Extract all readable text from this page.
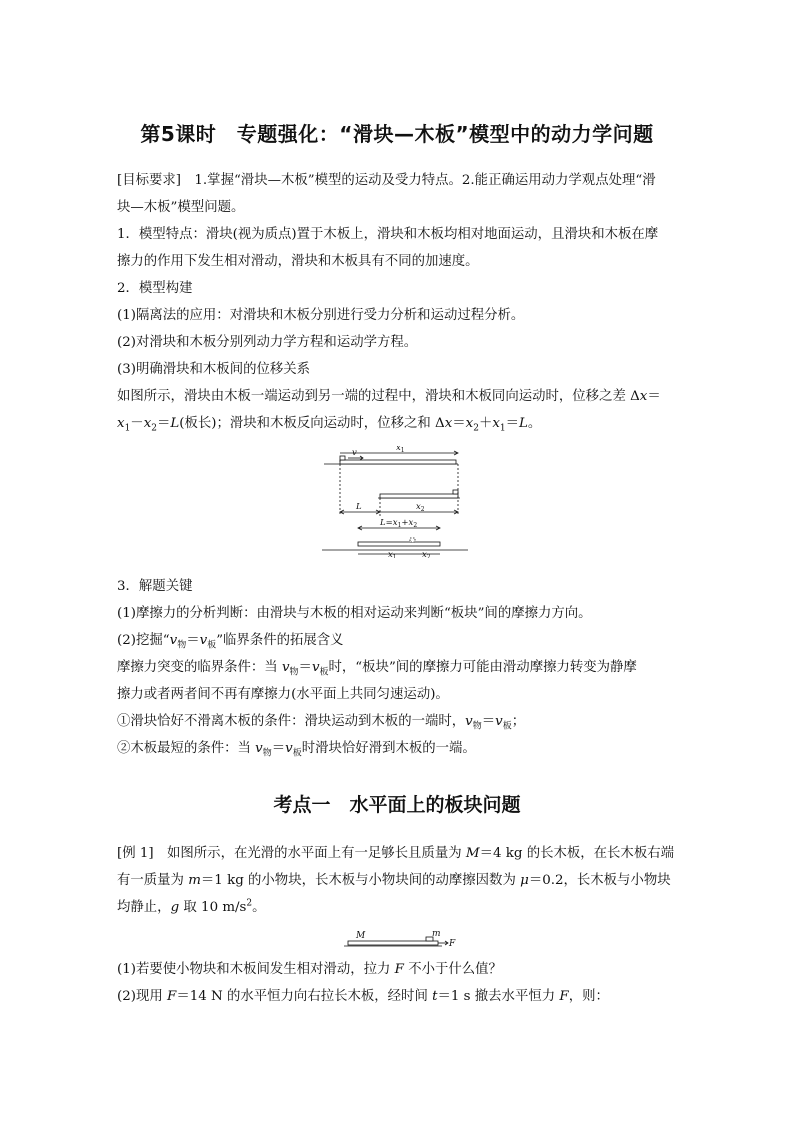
第5课时　专题强化：“滑块—木板”模型中的动力学问题
[目标要求]　1.掌握“滑块—木板”模型的运动及受力特点。2.能正确运用动力学观点处理“滑
块—木板”模型问题。
1．模型特点：滑块(视为质点)置于木板上，滑块和木板均相对地面运动，且滑块和木板在摩
擦力的作用下发生相对滑动，滑块和木板具有不同的加速度。
2．模型构建
(1)隔离法的应用：对滑块和木板分别进行受力分析和运动过程分析。
(2)对滑块和木板分别列动力学方程和运动学方程。
(3)明确滑块和木板间的位移关系
如图所示，滑块由木板一端运动到另一端的过程中，滑块和木板同向运动时，位移之差 Δx＝
$x_1-x_2=L$(板长)；滑块和木板反向运动时，位移之和 $\Delta x=x_2+x_1=L$。
v	$x_1$
L	$x_2$
$L=x_1+x_2$
$x_1$	$x_2$
3．解题关键
(1)摩擦力的分析判断：由滑块与木板的相对运动来判断“板块”间的摩擦力方向。
(2)挖掘“$v_物=v_板$”临界条件的拓展含义
摩擦力突变的临界条件：当 $v_物=v_板$时，“板块”间的摩擦力可能由滑动摩擦力转变为静摩
擦力或者两者间不再有摩擦力(水平面上共同匀速运动)。
①滑块恰好不滑离木板的条件：滑块运动到木板的一端时，$v_物=v_板$；
②木板最短的条件：当 $v_物=v_板$时滑块恰好滑到木板的一端。
考点一　水平面上的板块问题
[例 1]　如图所示，在光滑的水平面上有一足够长且质量为 M＝4 kg 的长木板，在长木板右端
有一质量为 m＝1 kg 的小物块，长木板与小物块间的动摩擦因数为 μ＝0.2，长木板与小物块
均静止，g 取 10 $m/s^2$。
M	m
F
(1)若要使小物块和木板间发生相对滑动，拉力 F 不小于什么值？
(2)现用 F＝14 N 的水平恒力向右拉长木板，经时间 t＝1 s 撤去水平恒力 F，则：
